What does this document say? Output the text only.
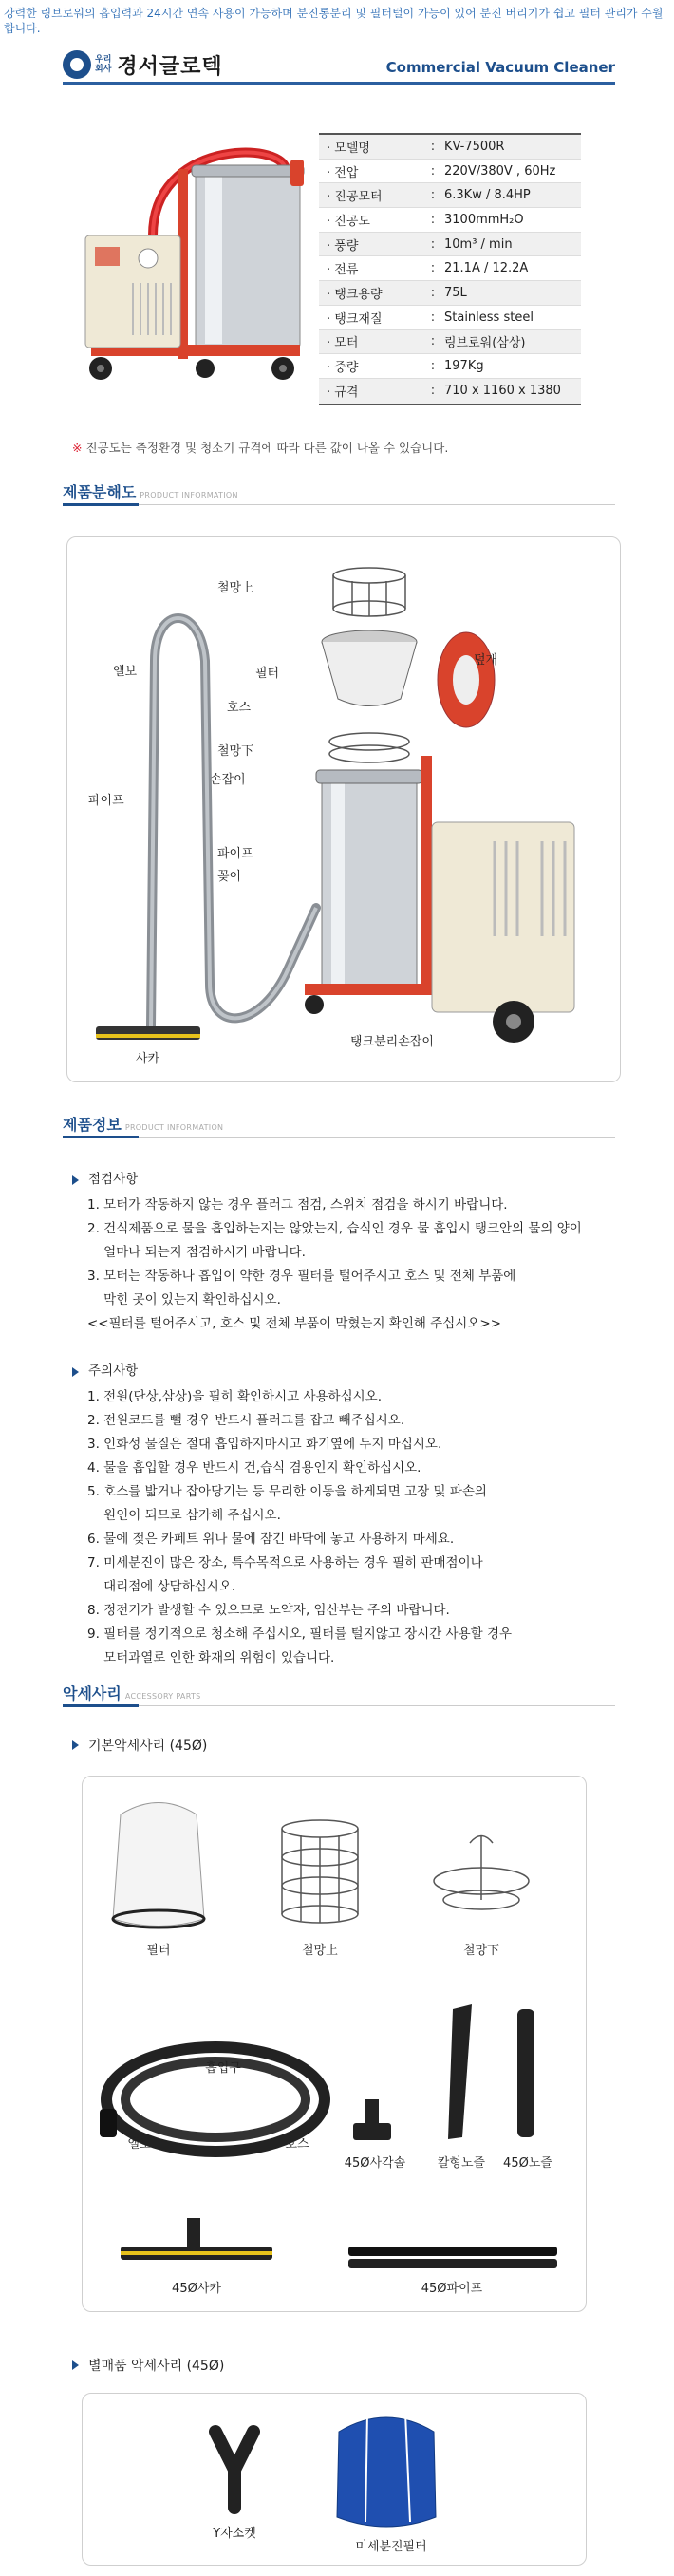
강력한 링브로워의 흡입력과 24시간 연속 사용이 가능하며 분진통분리 및 필터털이 가능이 있어 분진 버리기가 쉽고 필터 관리가 수월합니다.
우리
회사 경서글로텍	Commercial Vacuum Cleaner
· 모델명	: KV-7500R
· 전압	: 220V/380V , 60Hz
· 진공모터	: 6.3Kw / 8.4HP
· 진공도	: 3100mmH₂O
· 풍량	: 10m³ / min
· 전류	: 21.1A / 12.2A
· 탱크용량	: 75L
· 탱크재질	: Stainless steel
· 모터	: 링브로워(삼상)
· 중량	: 197Kg
· 규격	: 710 x 1160 x 1380
※ 진공도는 측정환경 및 청소기 규격에 따라 다른 값이 나올 수 있습니다.
제품분해도 PRODUCT INFORMATION
철망上
덮개
엘보	필터
호스
철망下
손잡이
파이프
파이프
꽂이
사카
탱크분리손잡이
제품정보 PRODUCT INFORMATION
점검사항
1. 모터가 작동하지 않는 경우 플러그 점검, 스위치 점검을 하시기 바랍니다.
2. 건식제품으로 물을 흡입하는지는 않았는지, 습식인 경우 물 흡입시 탱크안의 물의 양이
얼마나 되는지 점검하시기 바랍니다.
3. 모터는 작동하나 흡입이 약한 경우 필터를 털어주시고 호스 및 전체 부품에
막힌 곳이 있는지 확인하십시오.
<<필터를 털어주시고, 호스 및 전체 부품이 막혔는지 확인해 주십시오>>
주의사항
1. 전원(단상,삼상)을 필히 확인하시고 사용하십시오.
2. 전원코드를 뺄 경우 반드시 플러그를 잡고 빼주십시오.
3. 인화성 물질은 절대 흡입하지마시고 화기옆에 두지 마십시오.
4. 물을 흡입할 경우 반드시 건,습식 겸용인지 확인하십시오.
5. 호스를 밟거나 잡아당기는 등 무리한 이동을 하게되면 고장 및 파손의
원인이 되므로 삼가해 주십시오.
6. 물에 젖은 카페트 위나 물에 잠긴 바닥에 놓고 사용하지 마세요.
7. 미세분진이 많은 장소, 특수목적으로 사용하는 경우 필히 판매점이나
대리점에 상담하십시오.
8. 정전기가 발생할 수 있으므로 노약자, 임산부는 주의 바랍니다.
9. 필터를 정기적으로 청소해 주십시오, 필터를 털지않고 장시간 사용할 경우
모터과열로 인한 화재의 위험이 있습니다.
악세사리 ACCESSORY PARTS
기본악세사리 (45Ø)
필터	철망上	철망下
흡입구
엘보	호스
45Ø사각솔	칼형노즐	45Ø노즐
45Ø사카	45Ø파이프
별매품 악세사리 (45Ø)
Y자소켓
미세분진필터
